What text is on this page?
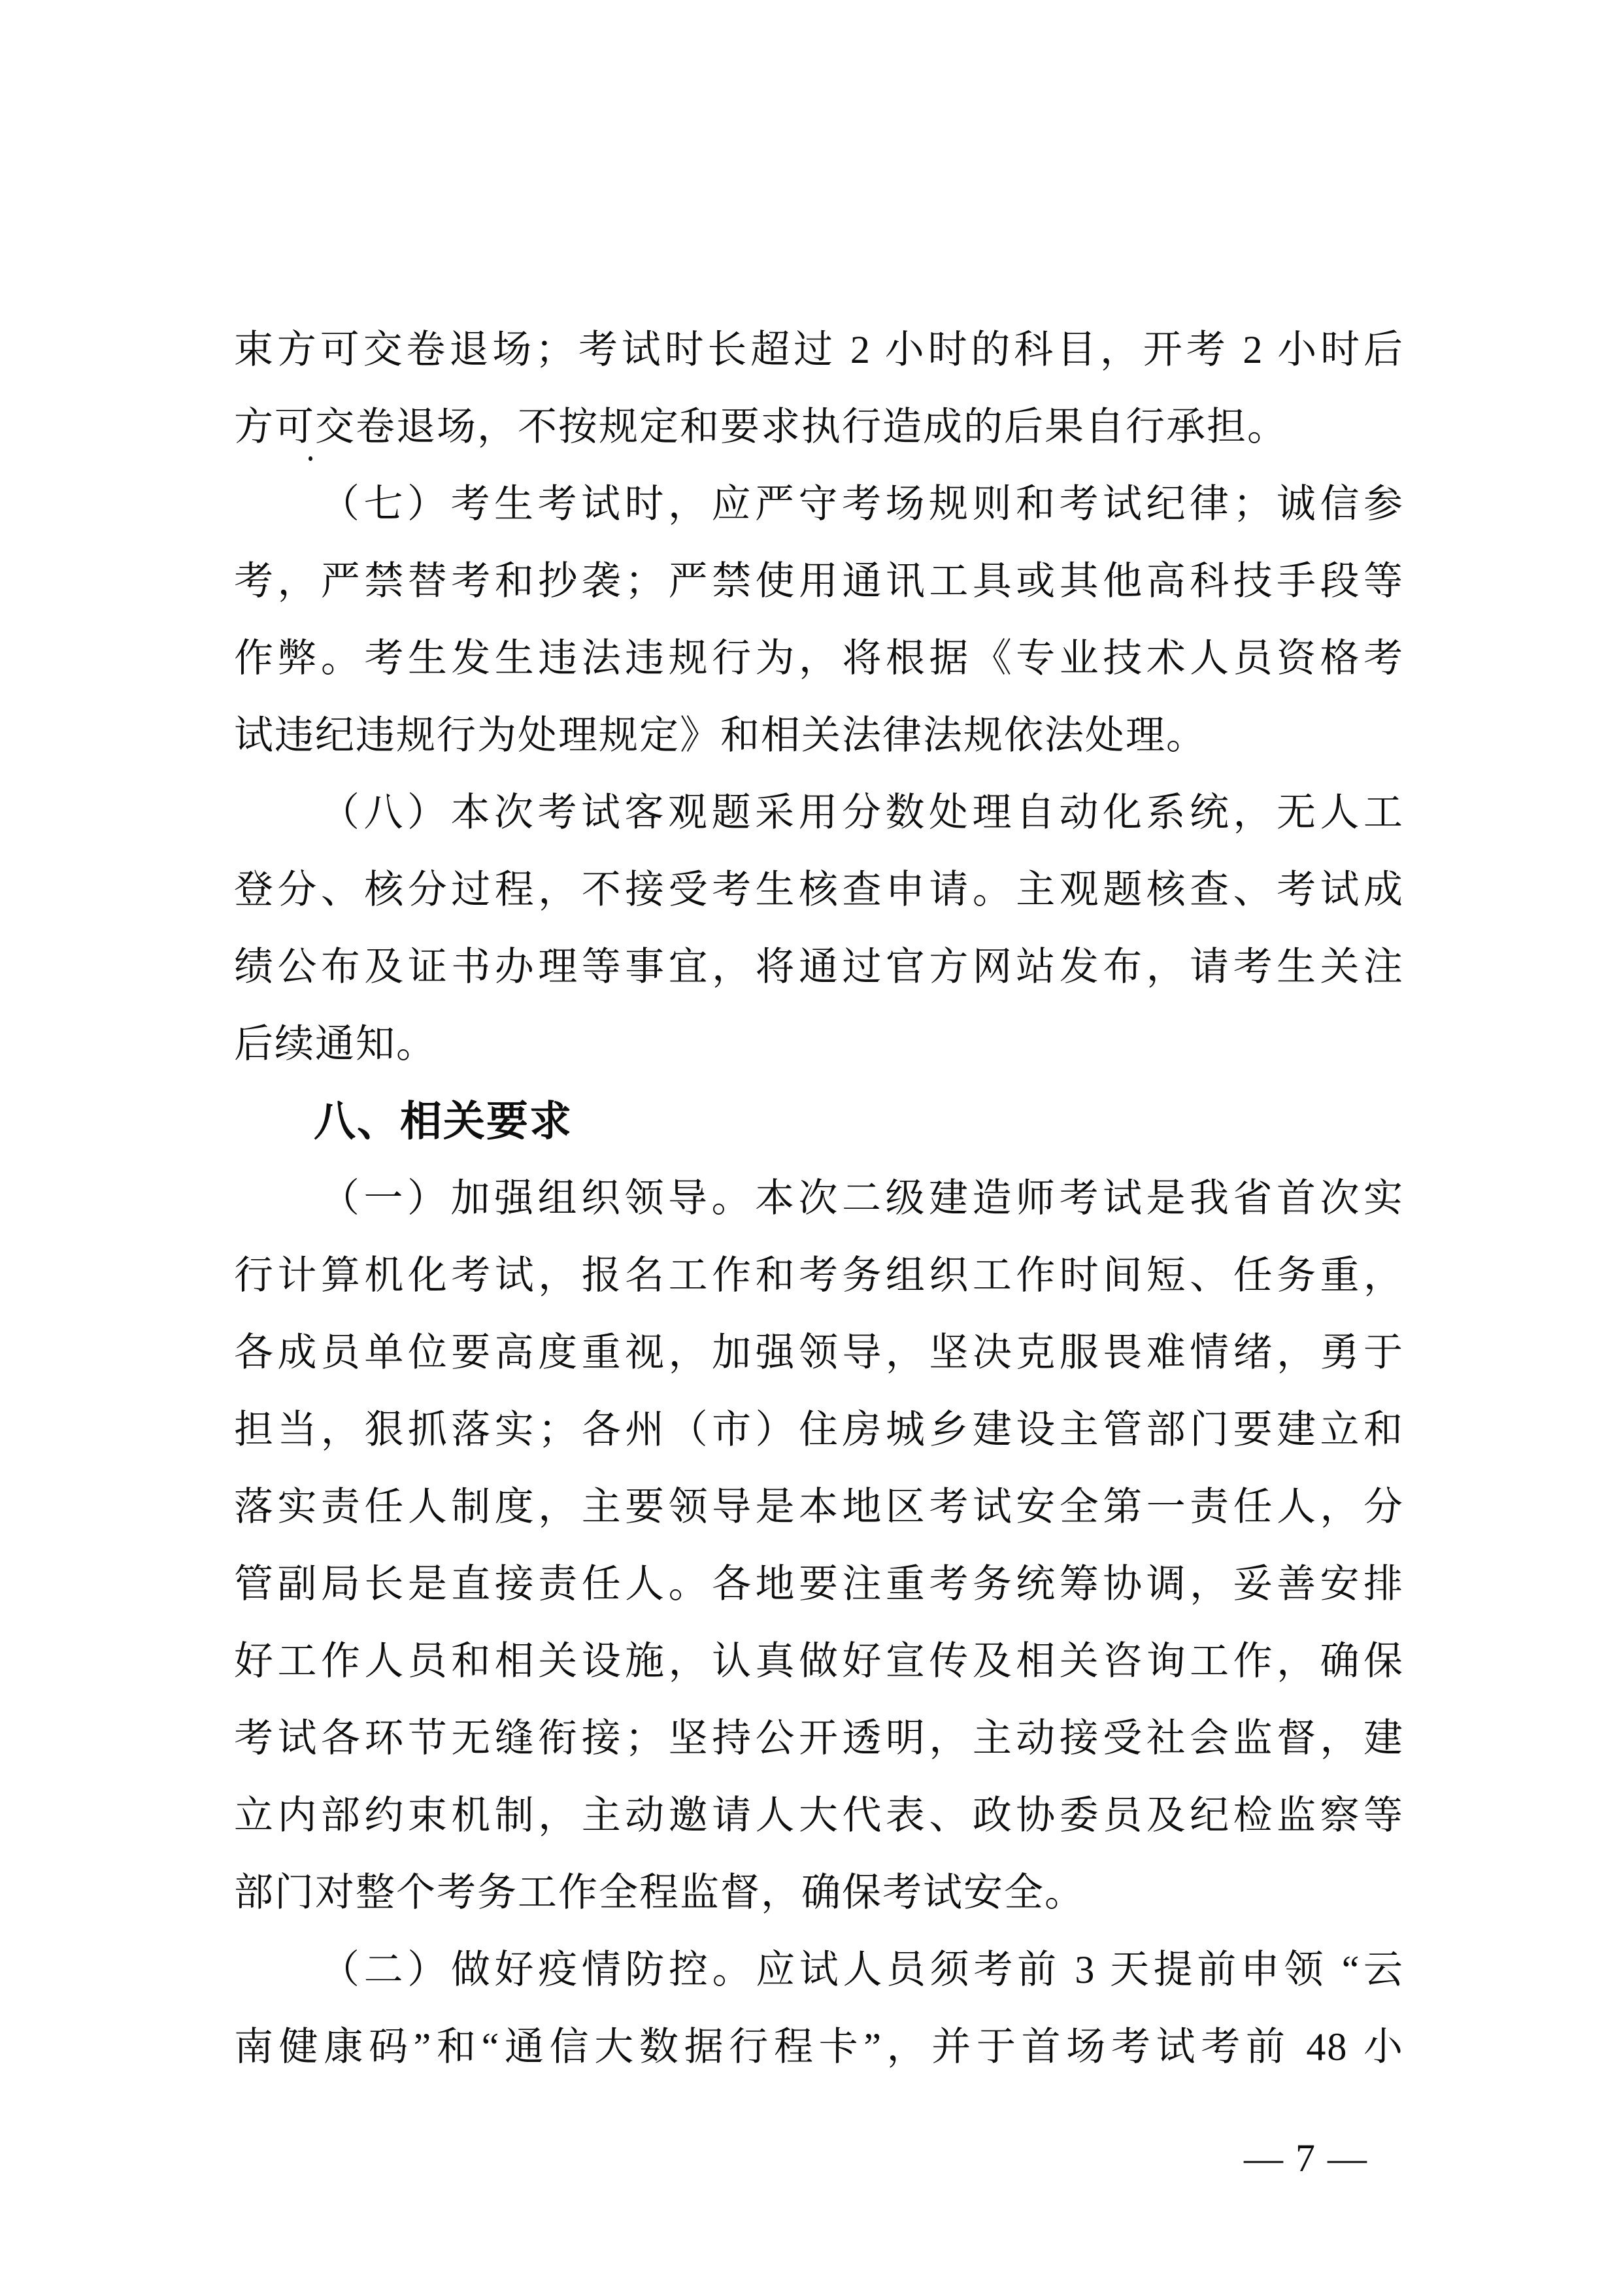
束方可交卷退场；考试时长超过 2 小时的科目，开考 2 小时后
方可交卷退场，不按规定和要求执行造成的后果自行承担。
（七）考生考试时，应严守考场规则和考试纪律；诚信参
考，严禁替考和抄袭；严禁使用通讯工具或其他高科技手段等
作弊。考生发生违法违规行为，将根据《专业技术人员资格考
试违纪违规行为处理规定》和相关法律法规依法处理。
（八）本次考试客观题采用分数处理自动化系统，无人工
登分、核分过程，不接受考生核查申请。主观题核查、考试成
绩公布及证书办理等事宜，将通过官方网站发布，请考生关注
后续通知。
八、相关要求
（一）加强组织领导。本次二级建造师考试是我省首次实
行计算机化考试，报名工作和考务组织工作时间短、任务重，
各成员单位要高度重视，加强领导，坚决克服畏难情绪，勇于
担当，狠抓落实；各州（市）住房城乡建设主管部门要建立和
落实责任人制度，主要领导是本地区考试安全第一责任人，分
管副局长是直接责任人。各地要注重考务统筹协调，妥善安排
好工作人员和相关设施，认真做好宣传及相关咨询工作，确保
考试各环节无缝衔接；坚持公开透明，主动接受社会监督，建
立内部约束机制，主动邀请人大代表、政协委员及纪检监察等
部门对整个考务工作全程监督，确保考试安全。
（二）做好疫情防控。应试人员须考前 3 天提前申领 “云
南健康码”和“通信大数据行程卡”，并于首场考试考前 48 小
— 7 —
